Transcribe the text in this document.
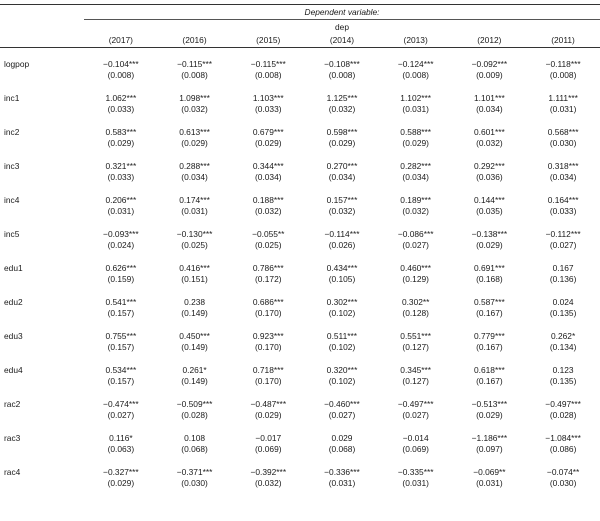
Dependent variable:
dep
(2017)	(2016)	(2015)	(2014)	(2013)	(2012)	(2011)

logpop	−0.104***	−0.115***	−0.115***	−0.108***	−0.124***	−0.092***	−0.118***
	(0.008)	(0.008)	(0.008)	(0.008)	(0.008)	(0.009)	(0.008)

inc1	1.062***	1.098***	1.103***	1.125***	1.102***	1.101***	1.111***
	(0.033)	(0.032)	(0.033)	(0.032)	(0.031)	(0.034)	(0.031)

inc2	0.583***	0.613***	0.679***	0.598***	0.588***	0.601***	0.568***
	(0.029)	(0.029)	(0.029)	(0.029)	(0.029)	(0.032)	(0.030)

inc3	0.321***	0.288***	0.344***	0.270***	0.282***	0.292***	0.318***
	(0.033)	(0.034)	(0.034)	(0.034)	(0.034)	(0.036)	(0.034)

inc4	0.206***	0.174***	0.188***	0.157***	0.189***	0.144***	0.164***
	(0.031)	(0.031)	(0.032)	(0.032)	(0.032)	(0.035)	(0.033)

inc5	−0.093***	−0.130***	−0.055**	−0.114***	−0.086***	−0.138***	−0.112***
	(0.024)	(0.025)	(0.025)	(0.026)	(0.027)	(0.029)	(0.027)

edu1	0.626***	0.416***	0.786***	0.434***	0.460***	0.691***	0.167
	(0.159)	(0.151)	(0.172)	(0.105)	(0.129)	(0.168)	(0.136)

edu2	0.541***	0.238	0.686***	0.302***	0.302**	0.587***	0.024
	(0.157)	(0.149)	(0.170)	(0.102)	(0.128)	(0.167)	(0.135)

edu3	0.755***	0.450***	0.923***	0.511***	0.551***	0.779***	0.262*
	(0.157)	(0.149)	(0.170)	(0.102)	(0.127)	(0.167)	(0.134)

edu4	0.534***	0.261*	0.718***	0.320***	0.345***	0.618***	0.123
	(0.157)	(0.149)	(0.170)	(0.102)	(0.127)	(0.167)	(0.135)

rac2	−0.474***	−0.509***	−0.487***	−0.460***	−0.497***	−0.513***	−0.497***
	(0.027)	(0.028)	(0.029)	(0.027)	(0.027)	(0.029)	(0.028)

rac3	0.116*	0.108	−0.017	0.029	−0.014	−1.186***	−1.084***
	(0.063)	(0.068)	(0.069)	(0.068)	(0.069)	(0.097)	(0.086)

rac4	−0.327***	−0.371***	−0.392***	−0.336***	−0.335***	−0.069**	−0.074**
	(0.029)	(0.030)	(0.032)	(0.031)	(0.031)	(0.031)	(0.030)
